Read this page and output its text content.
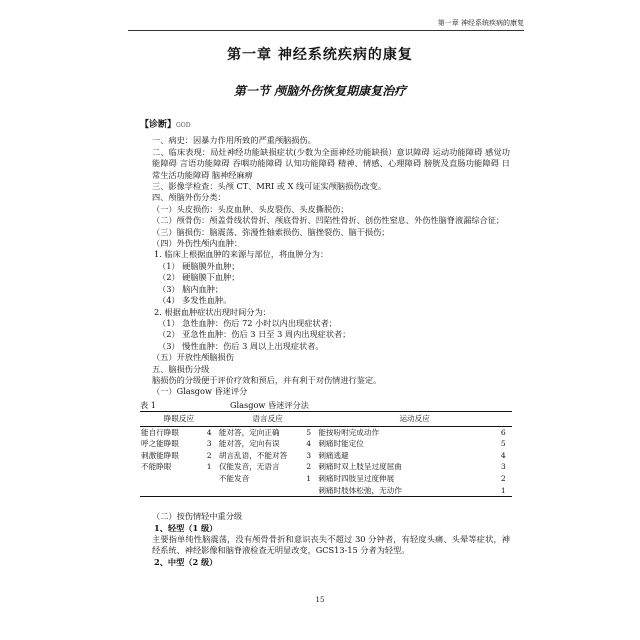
第一章 神经系统疾病的康复
第一章 神经系统疾病的康复
第一节 颅脑外伤恢复期康复治疗
【诊断】GOD
一、病史：因暴力作用所致的严重颅脑损伤。
二、临床表现：局灶神经功能缺损症状(少数为全面神经功能缺损）意识障碍 运动功能障碍 感觉功能障碍 言语功能障碍 吞咽功能障碍 认知功能障碍 精神、情感、心理障碍 膀胱及直肠功能障碍 日常生活功能障碍 脑神经麻痹
三、影像学检查：头颅 CT、MRI 或 X 线可证实颅脑损伤改变。
四、颅脑外伤分类：
（一）头皮损伤：头皮血肿、头皮裂伤、头皮撕脱伤；
（二）颅骨伤：颅盖骨线状骨折、颅底骨折、凹陷性骨折、创伤性窒息、外伤性脑脊液漏综合征；
（三）脑损伤：脑震荡、弥漫性轴索损伤、脑挫裂伤、脑干损伤；
（四）外伤性颅内血肿：
1. 临床上根据血肿的来源与部位，将血肿分为：
（1） 硬脑膜外血肿；
（2） 硬脑膜下血肿；
（3） 脑内血肿；
（4） 多发性血肿。
2. 根据血肿症状出现时间分为：
（1） 急性血肿：伤后 72 小时以内出现症状者；
（2） 亚急性血肿：伤后 3 日至 3 周内出现症状者；
（3） 慢性血肿：伤后 3 周以上出现症状者。
（五）开放性颅脑损伤
五、脑损伤分级
脑损伤的分级便于评价疗效和预后，并有利于对伤情进行鉴定。
（一）Glasgow 昏迷评分
表 1	Glasgow 昏迷评分法
睁眼反应		语言反应		运动反应	
能自行睁眼	4	能对答，定向正确	5	能按吩咐完成动作	6
呼之能睁眼	3	能对答，定向有误	4	刺痛时能定位	5
刺激能睁眼	2	胡言乱语，不能对答	3	刺痛逃避	4
不能睁眼	1	仅能发音，无语言	2	刺痛时双上肢呈过度屈曲	3
		不能发音	1	刺痛时四肢呈过度伸展	2
				刺痛时肢体松弛，无动作	1
（二）按伤情轻中重分级
1、轻型（1 级）
主要指单纯性脑震荡，没有颅骨骨折和意识丧失不超过 30 分钟者，有轻度头痛、头晕等症状，神经系统、神经影像和脑脊液检查无明显改变，GCS13-15 分者为轻型。
2、中型（2 级）
15
